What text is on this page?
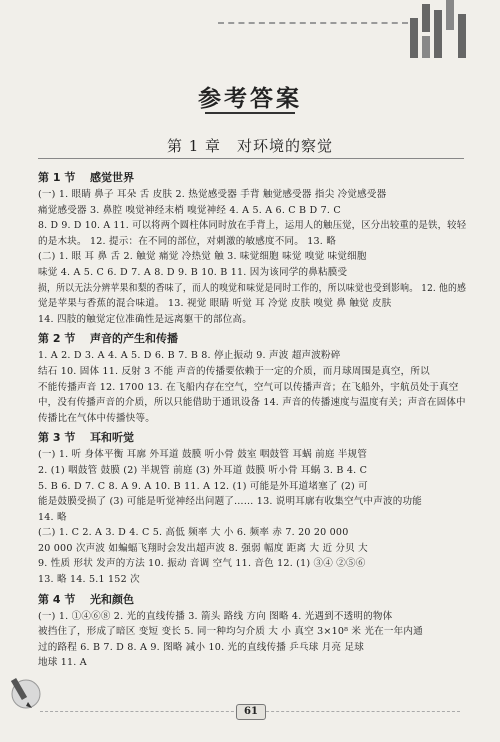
参考答案
第 1 章　对环境的察觉
第 1 节 感觉世界
(一) 1. 眼睛 鼻子 耳朵 舌 皮肤 2. 热觉感受器 手背 触觉感受器 指尖 冷觉感受器
痛觉感受器 3. 鼻腔 嗅觉神经末梢 嗅觉神经 4. A 5. A 6. C B D 7. C
8. D 9. D 10. A 11. 可以将两个圆柱体同时放在手背上，运用人的触压觉，区分出较重的是铁，较轻
的是木块。 12. 提示：在不同的部位，对刺激的敏感度不同。 13. 略
(二) 1. 眼 耳 鼻 舌 2. 触觉 痛觉 冷热觉 触 3. 味觉细胞 味觉 嗅觉 味觉细胞
味觉 4. A 5. C 6. D 7. A 8. D 9. B 10. B 11. 因为该同学的鼻粘膜受
损，所以无法分辨苹果和梨的香味了，而人的嗅觉和味觉是同时工作的，所以味觉也受到影响。 12. 他的感
觉是苹果与香蕉的混合味道。 13. 视觉 眼睛 听觉 耳 冷觉 皮肤 嗅觉 鼻 触觉 皮肤
14. 四肢的触觉定位准确性是远离躯干的部位高。
第 2 节 声音的产生和传播
1. A 2. D 3. A 4. A 5. D 6. B 7. B 8. 停止振动 9. 声波 超声波粉碎
结石 10. 固体 11. 反射 3 不能 声音的传播要依赖于一定的介质，而月球周围是真空，所以
不能传播声音 12. 1700 13. 在飞船内存在空气，空气可以传播声音；在飞船外，宇航员处于真空
中，没有传播声音的介质，所以只能借助于通讯设备 14. 声音的传播速度与温度有关；声音在固体中
传播比在气体中传播快等。
第 3 节 耳和听觉
(一) 1. 听 身体平衡 耳廓 外耳道 鼓膜 听小骨 鼓室 咽鼓管 耳蜗 前庭 半规管
2. (1) 咽鼓管 鼓膜 (2) 半规管 前庭 (3) 外耳道 鼓膜 听小骨 耳蜗 3. B 4. C
5. B 6. D 7. C 8. A 9. A 10. B 11. A 12. (1) 可能是外耳道堵塞了 (2) 可
能是鼓膜受损了 (3) 可能是听觉神经出问题了…… 13. 说明耳廓有收集空气中声波的功能
14. 略
(二) 1. C 2. A 3. D 4. C 5. 高低 频率 大 小 6. 频率 赤 7. 20 20 000
20 000 次声波 如蝙蝠飞翔时会发出超声波 8. 强弱 幅度 距离 大 近 分贝 大
9. 性质 形状 发声的方法 10. 振动 音调 空气 11. 音色 12. (1) ③④ ②⑤⑥
13. 略 14. 5.1 152 次
第 4 节 光和颜色
(一) 1. ①④⑥⑧ 2. 光的直线传播 3. 箭头 路线 方向 图略 4. 光遇到不透明的物体
被挡住了，形成了暗区 变短 变长 5. 同一种均匀介质 大 小 真空 3×10⁸ 米 光在一年内通
过的路程 6. B 7. D 8. A 9. 图略 减小 10. 光的直线传播 乒乓球 月亮 足球
地球 11. A
61
